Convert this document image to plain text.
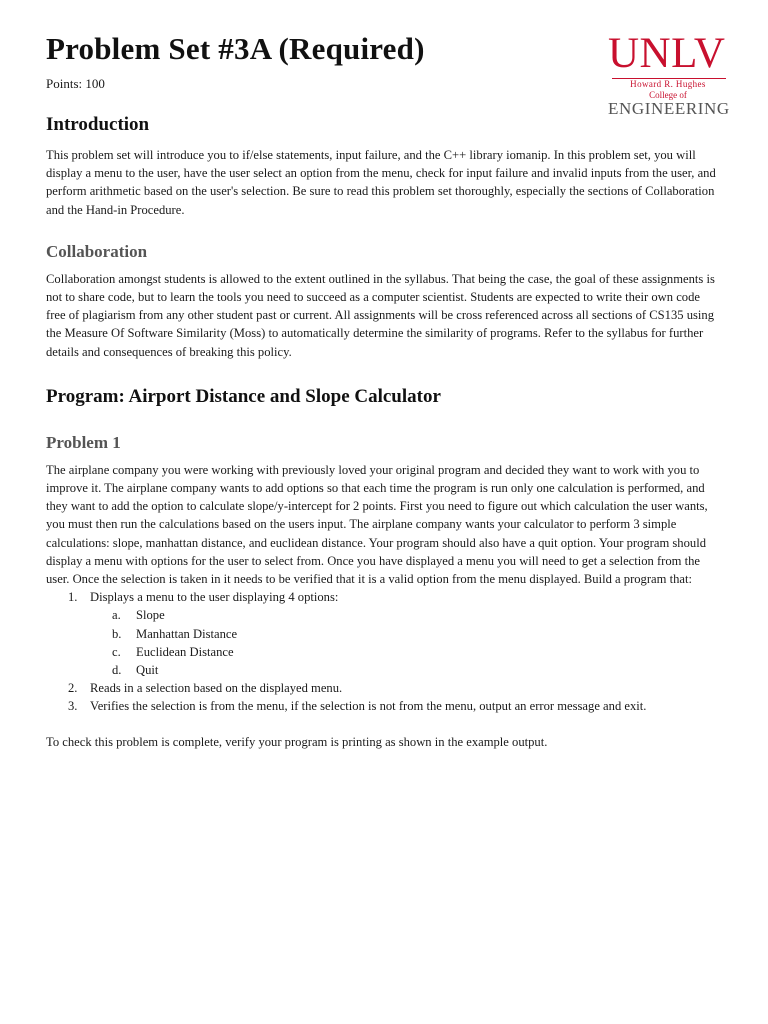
UNLV
Howard R. Hughes
College of
ENGINEERING
Problem Set #3A (Required)
Points: 100
Introduction

This problem set will introduce you to if/else statements, input failure, and the C++ library iomanip. In this problem set, you will display a menu to the user, have the user select an option from the menu, check for input failure and invalid inputs from the user, and perform arithmetic based on the user's selection. Be sure to read this problem set thoroughly, especially the sections of Collaboration and the Hand-in Procedure.

Collaboration

Collaboration amongst students is allowed to the extent outlined in the syllabus. That being the case, the goal of these assignments is not to share code, but to learn the tools you need to succeed as a computer scientist. Students are expected to write their own code free of plagiarism from any other student past or current. All assignments will be cross referenced across all sections of CS135 using the Measure Of Software Similarity (Moss) to automatically determine the similarity of programs. Refer to the syllabus for further details and consequences of breaking this policy.

Program: Airport Distance and Slope Calculator
Problem 1

The airplane company you were working with previously loved your original program and decided they want to work with you to improve it. The airplane company wants to add options so that each time the program is run only one calculation is performed, and they want to add the option to calculate slope/y-intercept for 2 points. First you need to figure out which calculation the user wants, you must then run the calculations based on the users input. The airplane company wants your calculator to perform 3 simple calculations: slope, manhattan distance, and euclidean distance. Your program should also have a quit option. Your program should display a menu with options for the user to select from. Once you have displayed a menu you will need to get a selection from the user. Once the selection is taken in it needs to be verified that it is a valid option from the menu displayed. Build a program that:

1. Displays a menu to the user displaying 4 options:
a. Slope
b. Manhattan Distance
c. Euclidean Distance
d. Quit
2. Reads in a selection based on the displayed menu.
3. Verifies the selection is from the menu, if the selection is not from the menu, output an error message and exit.

To check this problem is complete, verify your program is printing as shown in the example output.
